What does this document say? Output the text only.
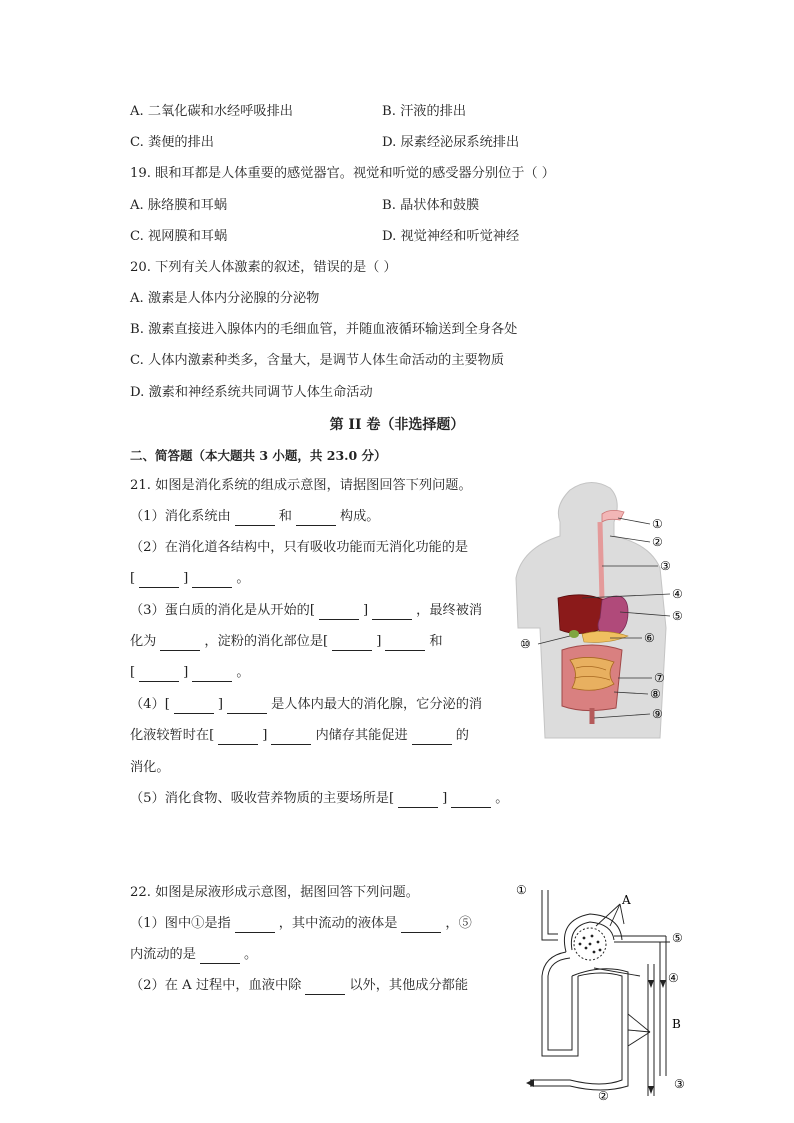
A. 二氧化碳和水经呼吸排出	B. 汗液的排出
C. 粪便的排出	D. 尿素经泌尿系统排出
19. 眼和耳都是人体重要的感觉器官。视觉和听觉的感受器分别位于（ ）
A. 脉络膜和耳蜗	B. 晶状体和鼓膜
C. 视网膜和耳蜗	D. 视觉神经和听觉神经
20. 下列有关人体激素的叙述，错误的是（ ）
A. 激素是人体内分泌腺的分泌物
B. 激素直接进入腺体内的毛细血管，并随血液循环输送到全身各处
C. 人体内激素种类多，含量大，是调节人体生命活动的主要物质
D. 激素和神经系统共同调节人体生命活动
第 II 卷（非选择题）
二、简答题（本大题共 3 小题，共 23.0 分）
21. 如图是消化系统的组成示意图，请据图回答下列问题。
（1）消化系统由	和	构成。
（2）在消化道各结构中，只有吸收功能而无消化功能的是
[	]	。
（3）蛋白质的消化是从开始的[	]	，最终被消
化为	，淀粉的消化部位是[	]	和
[	]	。
（4）[	]	是人体内最大的消化腺，它分泌的消
化液较暂时在[	]	内储存其能促进	的
消化。
（5）消化食物、吸收营养物质的主要场所是[	]	。
①
②
③
④
⑤
⑥
⑦
⑧
⑨
⑩
22. 如图是尿液形成示意图，据图回答下列问题。
（1）图中①是指	，其中流动的液体是	，⑤
内流动的是	。
（2）在 A 过程中，血液中除	以外，其他成分都能
①
②
③
④
⑤
A
B
